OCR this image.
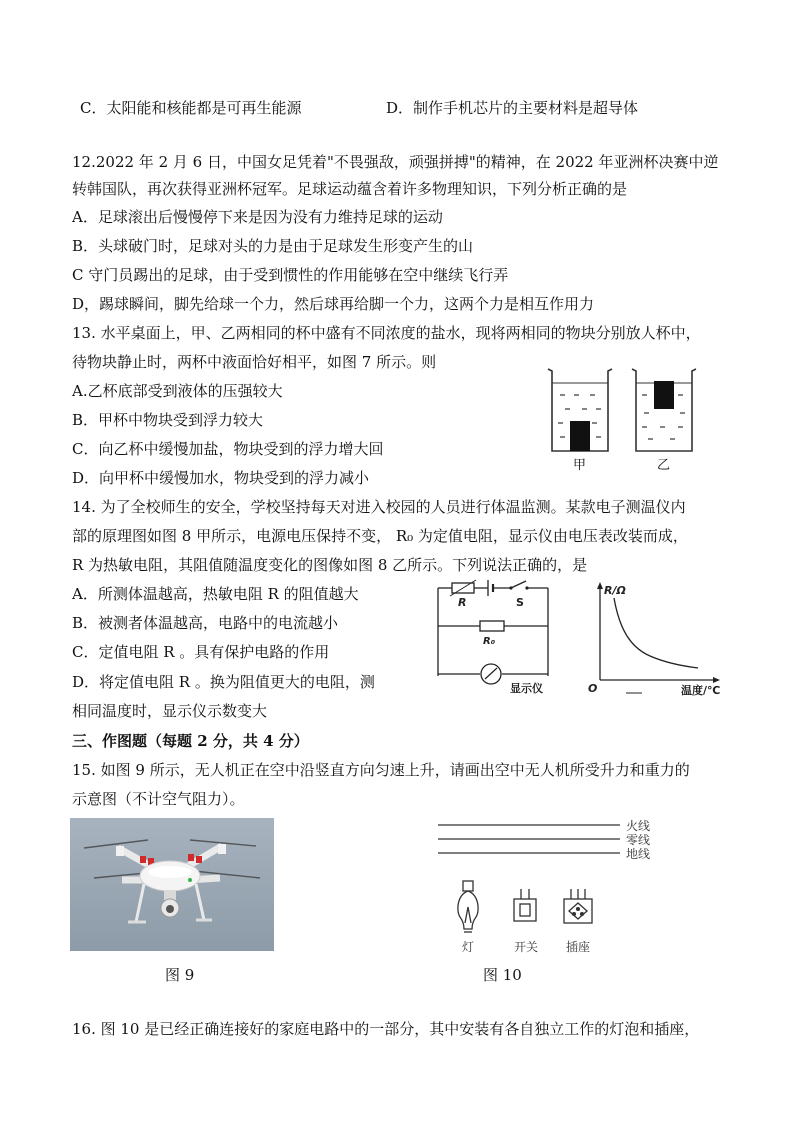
C．太阳能和核能都是可再生能源	D．制作手机芯片的主要材料是超导体
12.2022 年 2 月 6 日，中国女足凭着"不畏强敌，顽强拼搏"的精神，在 2022 年亚洲杯决赛中逆
转韩国队，再次获得亚洲杯冠军。足球运动蕴含着许多物理知识，下列分析正确的是
A．足球滚出后慢慢停下来是因为没有力维持足球的运动
B．头球破门时，足球对头的力是由于足球发生形变产生的山
C 守门员踢出的足球，由于受到惯性的作用能够在空中继续飞行弄
D，踢球瞬间，脚先给球一个力，然后球再给脚一个力，这两个力是相互作用力
13. 水平桌面上，甲、乙两相同的杯中盛有不同浓度的盐水，现将两相同的物块分别放人杯中，
待物块静止时，两杯中液面恰好相平，如图 7 所示。则
A.乙杯底部受到液体的压强较大
B．甲杯中物块受到浮力较大
C．向乙杯中缓慢加盐，物块受到的浮力增大回
D．向甲杯中缓慢加水，物块受到的浮力减小
甲	乙
14. 为了全校师生的安全，学校坚持每天对进入校园的人员进行体温监测。某款电子测温仪内
部的原理图如图 8 甲所示，电源电压保持不变， R₀ 为定值电阻，显示仪由电压表改装而成，
R 为热敏电阻，其阻值随温度变化的图像如图 8 乙所示。下列说法正确的，是
A．所测体温越高，热敏电阻 R 的阻值越大
B．被测者体温越高，电路中的电流越小
C．定值电阻 R 。具有保护电路的作用
D．将定值电阻 R 。换为阻值更大的电阻，测
相同温度时，显示仪示数变大
R	S
R₀
显示仪
R/Ω
O	温度/℃
三、作图题（每题 2 分，共 4 分）
15. 如图 9 所示，无人机正在空中沿竖直方向匀速上升，请画出空中无人机所受升力和重力的
示意图（不计空气阻力）。
图 9
火线
零线
地线
灯	开关 插座
图 10
16. 图 10 是已经正确连接好的家庭电路中的一部分，其中安装有各自独立工作的灯泡和插座，
